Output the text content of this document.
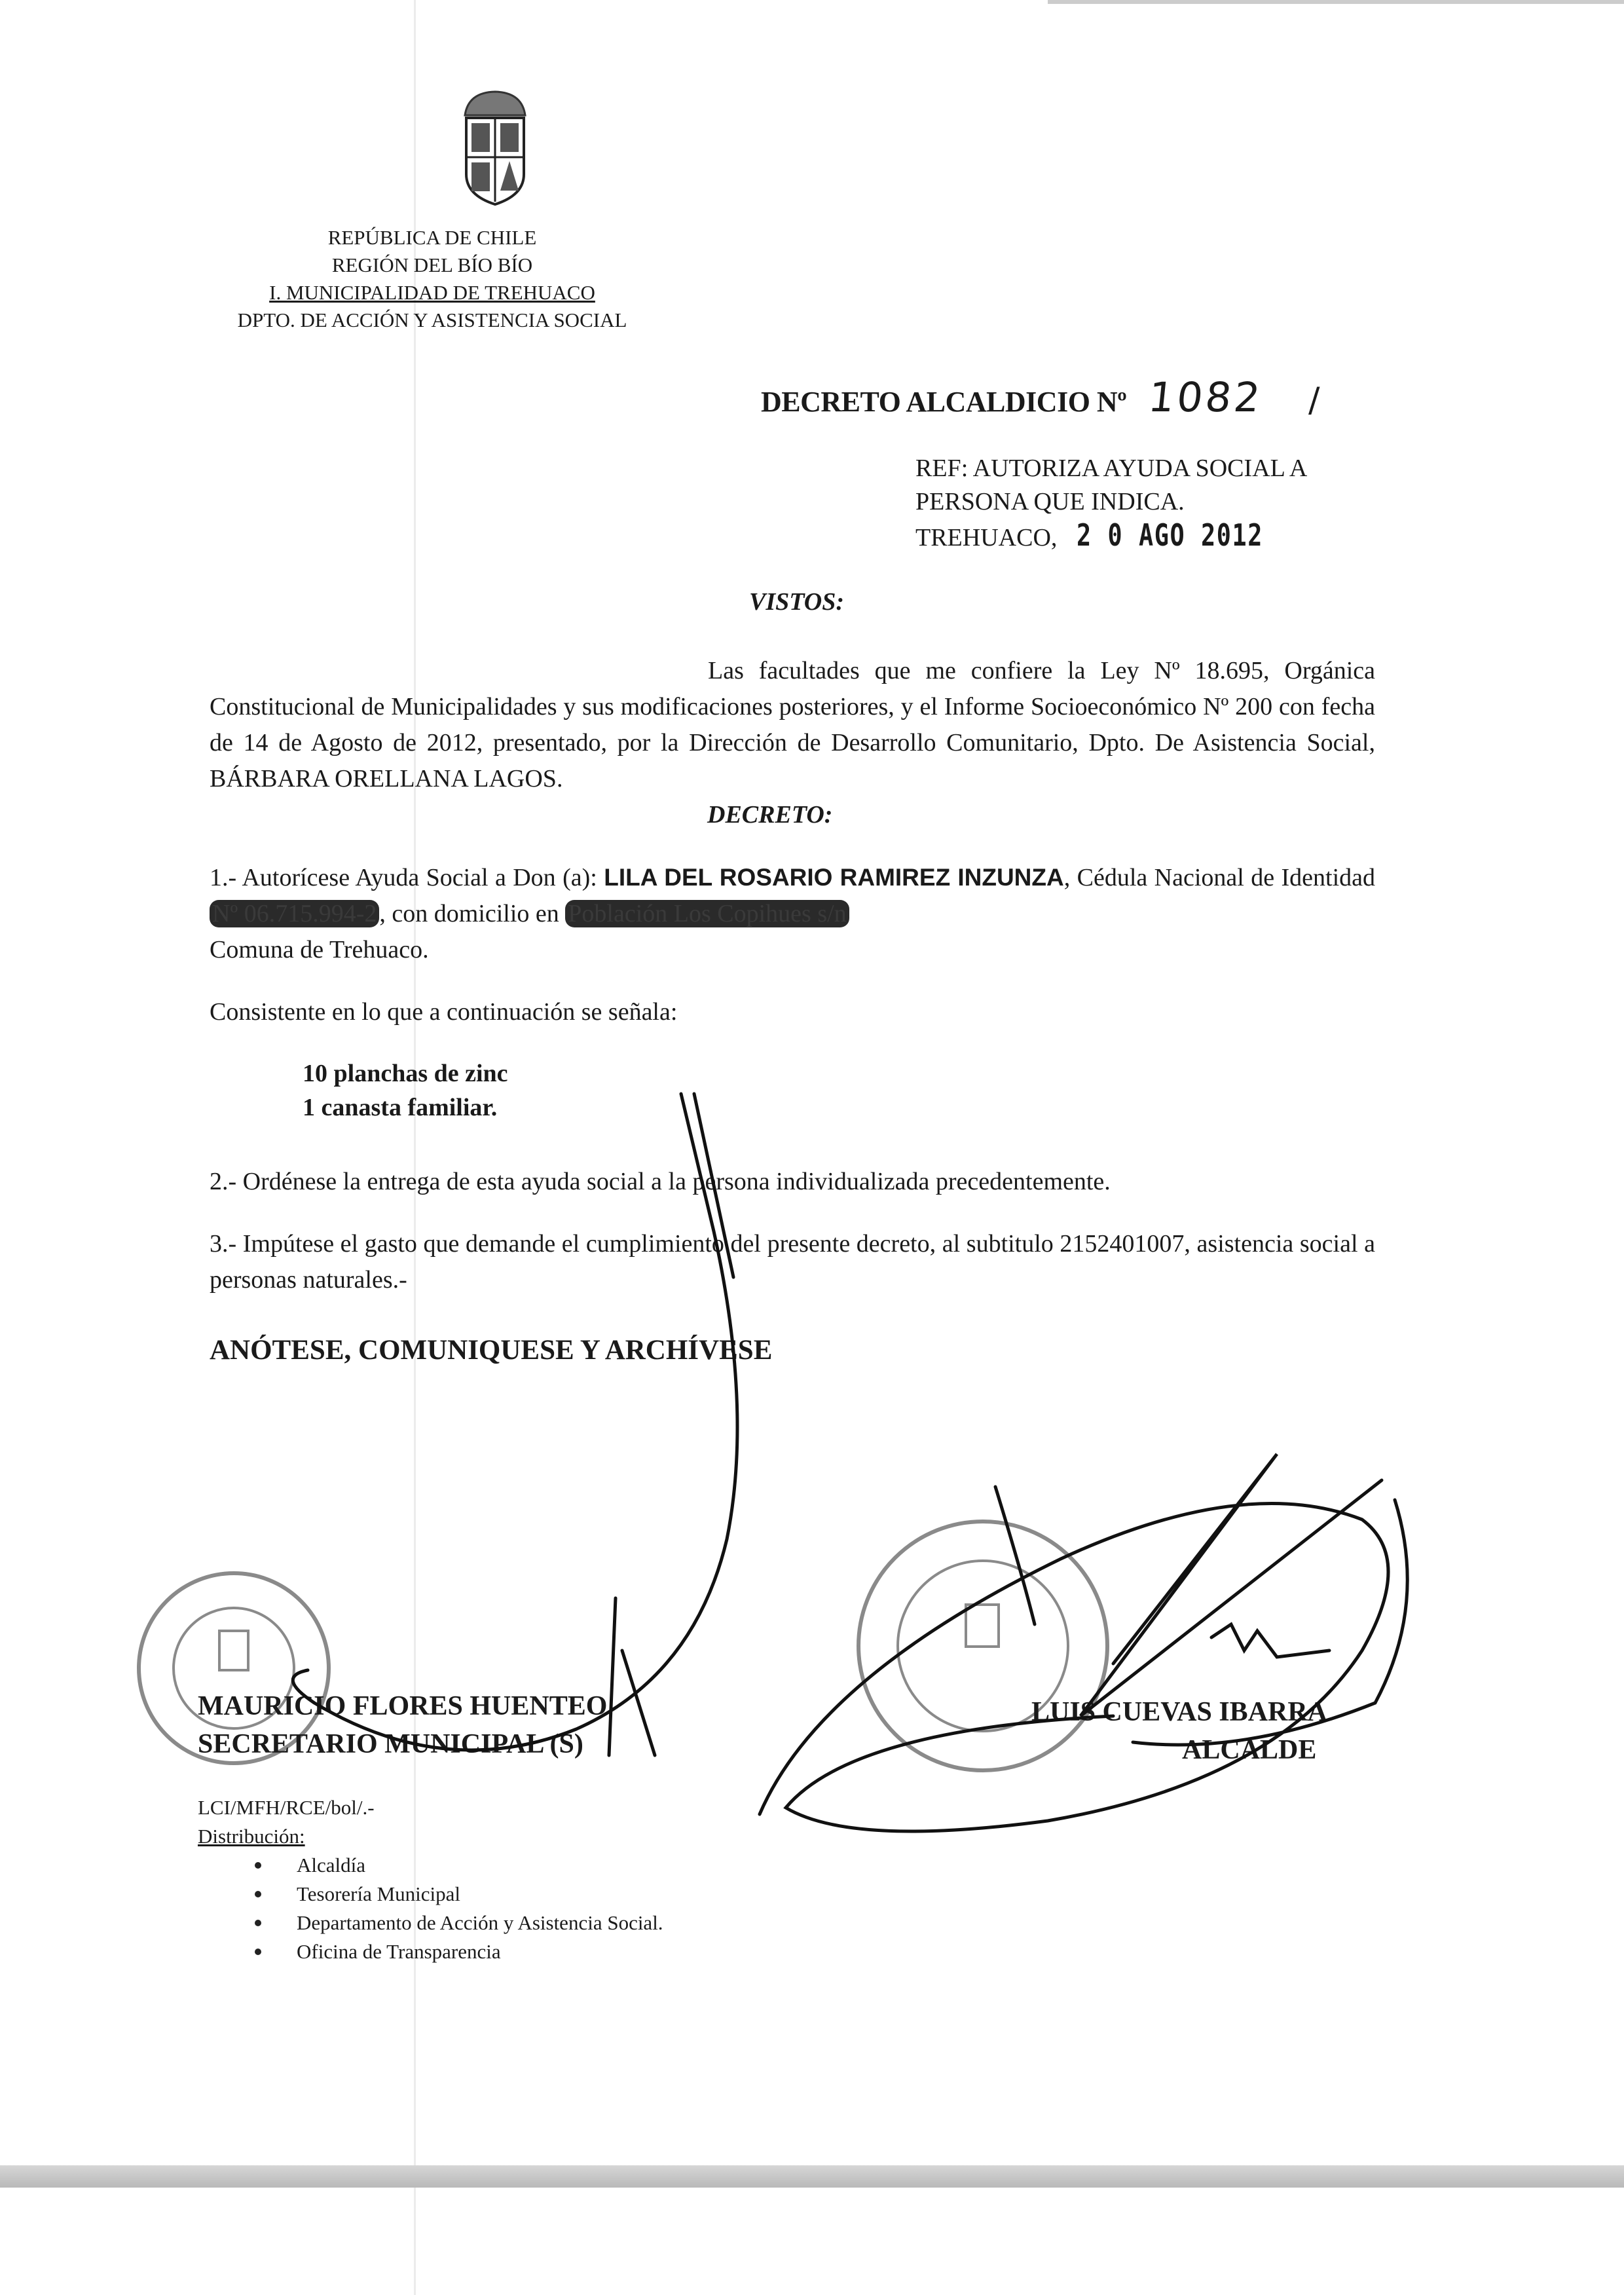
REPÚBLICA DE CHILE
REGIÓN DEL BÍO BÍO
I. MUNICIPALIDAD DE TREHUACO
DPTO. DE ACCIÓN Y ASISTENCIA SOCIAL
DECRETO ALCALDICIO Nº 1082 /
REF: AUTORIZA AYUDA SOCIAL A
PERSONA QUE INDICA.
TREHUACO, 2 0 AGO 2012
VISTOS:
Las facultades que me confiere la Ley Nº 18.695, Orgánica Constitucional de Municipalidades y sus modificaciones posteriores, y el Informe Socioeconómico Nº 200 con fecha de 14 de Agosto de 2012, presentado, por la Dirección de Desarrollo Comunitario, Dpto. De Asistencia Social, BÁRBARA ORELLANA LAGOS.
DECRETO:
1.- Autorícese Ayuda Social a Don (a): LILA DEL ROSARIO RAMIREZ INZUNZA, Cédula Nacional de Identidad Nº 06.715.994-2 , con domicilio en Población Los Copihues s/n
Comuna de Trehuaco.
Consistente en lo que a continuación se señala:
10 planchas de zinc
1 canasta familiar.
2.- Ordénese la entrega de esta ayuda social a la persona individualizada precedentemente.
3.- Impútese el gasto que demande el cumplimiento del presente decreto, al subtitulo 2152401007, asistencia social a personas naturales.-
ANÓTESE, COMUNIQUESE Y ARCHÍVESE
MAURICIO FLORES HUENTEO
SECRETARIO MUNICIPAL (S)
LUIS CUEVAS IBARRA
ALCALDE
LCI/MFH/RCE/bol/.-
Distribución:
Alcaldía
Tesorería Municipal
Departamento de Acción y Asistencia Social.
Oficina de Transparencia
